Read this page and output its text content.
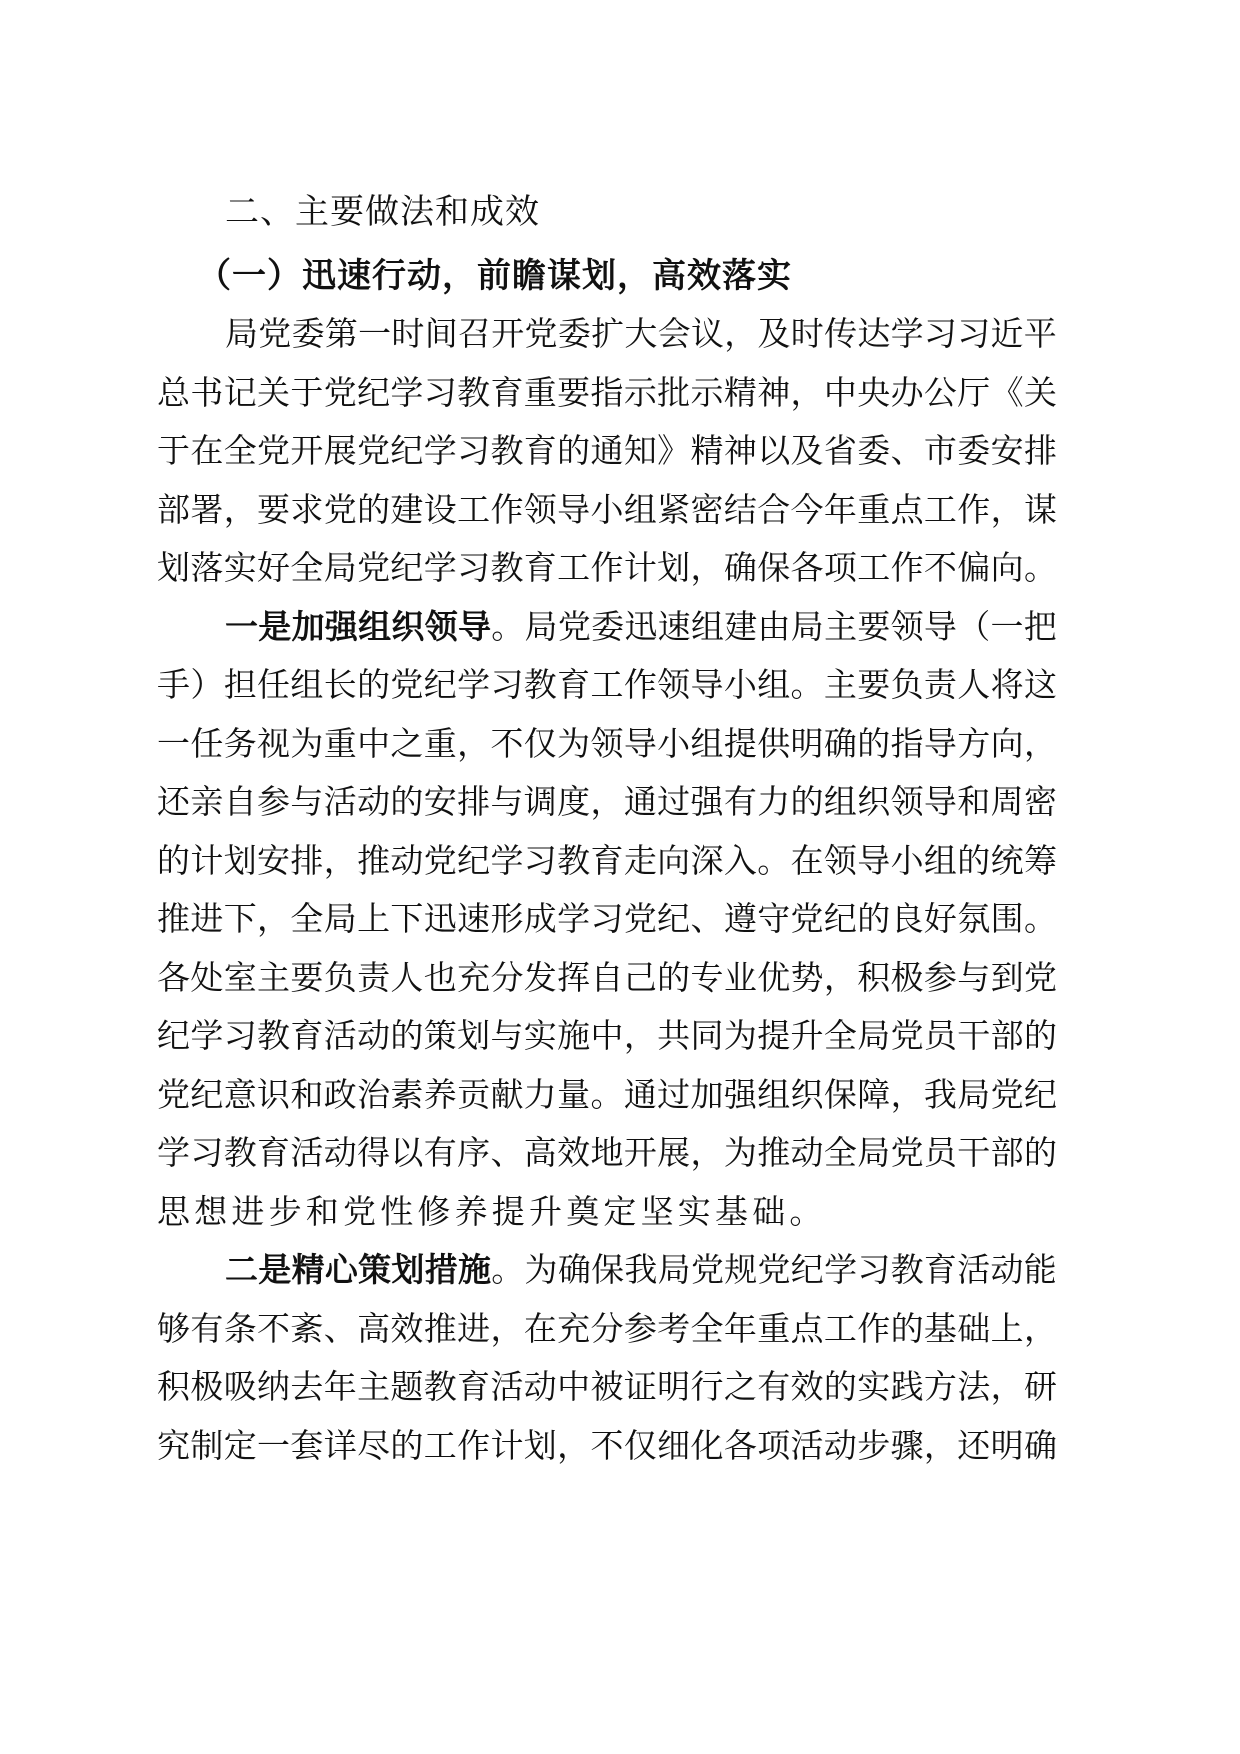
二、主要做法和成效
（一）迅速行动，前瞻谋划，高效落实
局 党 委 第 一 时 间 召 开 党 委 扩 大 会 议 ， 及 时 传 达 学 习 习 近 平
总 书 记 关 于 党 纪 学 习 教 育 重 要 指 示 批 示 精 神 ， 中 央 办 公 厅 《 关
于 在 全 党 开 展 党 纪 学 习 教 育 的 通 知 》 精 神 以 及 省 委 、 市 委 安 排
部 署 ， 要 求 党 的 建 设 工 作 领 导 小 组 紧 密 结 合 今 年 重 点 工 作 ， 谋
划 落 实 好 全 局 党 纪 学 习 教 育 工 作 计 划 ， 确 保 各 项 工 作 不 偏 向 。
一 是 加 强 组 织 领 导 。 局 党 委 迅 速 组 建 由 局 主 要 领 导 （ 一 把
手 ） 担 任 组 长 的 党 纪 学 习 教 育 工 作 领 导 小 组 。 主 要 负 责 人 将 这
一 任 务 视 为 重 中 之 重 ， 不 仅 为 领 导 小 组 提 供 明 确 的 指 导 方 向 ，
还 亲 自 参 与 活 动 的 安 排 与 调 度 ， 通 过 强 有 力 的 组 织 领 导 和 周 密
的 计 划 安 排 ， 推 动 党 纪 学 习 教 育 走 向 深 入 。 在 领 导 小 组 的 统 筹
推 进 下 ， 全 局 上 下 迅 速 形 成 学 习 党 纪 、 遵 守 党 纪 的 良 好 氛 围 。
各 处 室 主 要 负 责 人 也 充 分 发 挥 自 己 的 专 业 优 势 ， 积 极 参 与 到 党
纪 学 习 教 育 活 动 的 策 划 与 实 施 中 ， 共 同 为 提 升 全 局 党 员 干 部 的
党 纪 意 识 和 政 治 素 养 贡 献 力 量 。 通 过 加 强 组 织 保 障 ， 我 局 党 纪
学 习 教 育 活 动 得 以 有 序 、 高 效 地 开 展 ， 为 推 动 全 局 党 员 干 部 的
思想进步和党性修养提升奠定坚实基础。
二 是 精 心 策 划 措 施 。 为 确 保 我 局 党 规 党 纪 学 习 教 育 活 动 能
够 有 条 不 紊 、 高 效 推 进 ， 在 充 分 参 考 全 年 重 点 工 作 的 基 础 上 ，
积 极 吸 纳 去 年 主 题 教 育 活 动 中 被 证 明 行 之 有 效 的 实 践 方 法 ， 研
究 制 定 一 套 详 尽 的 工 作 计 划 ， 不 仅 细 化 各 项 活 动 步 骤 ， 还 明 确
